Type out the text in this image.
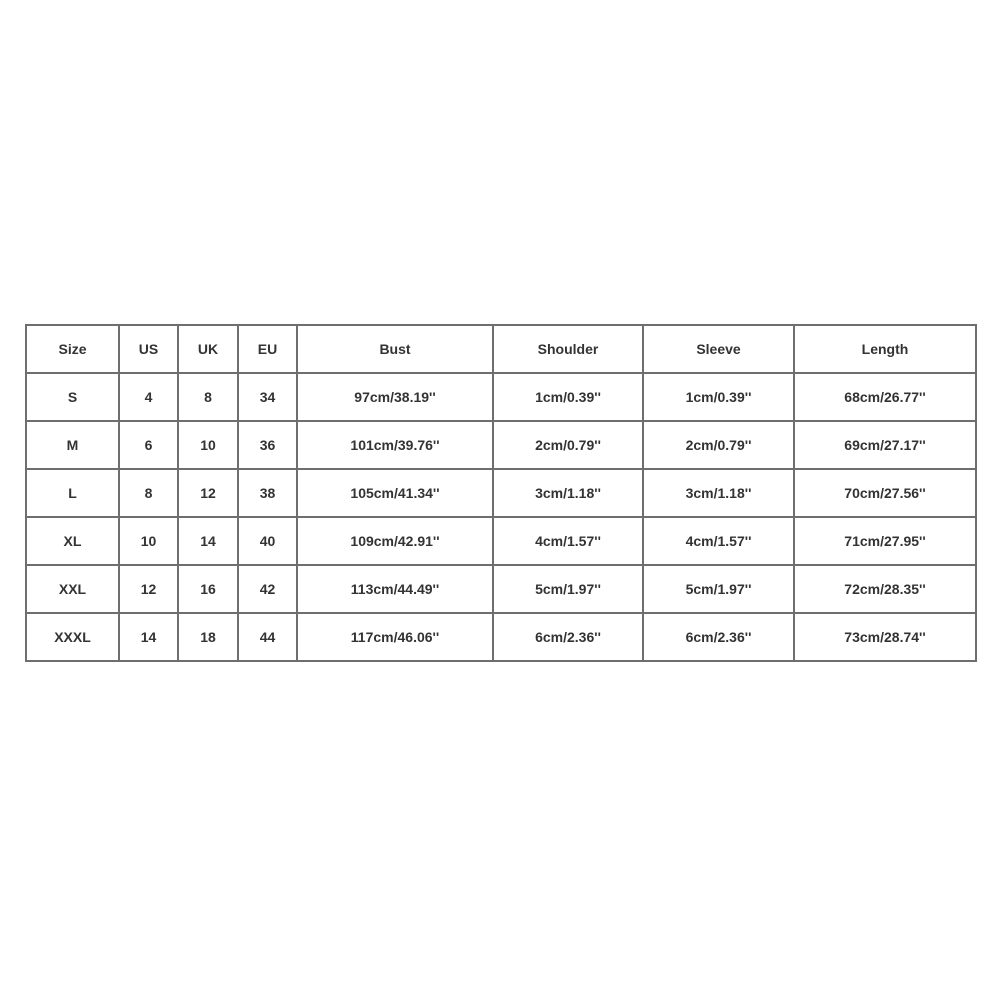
Size	US	UK	EU	Bust	Shoulder	Sleeve	Length
S	4	8	34	97cm/38.19''	1cm/0.39''	1cm/0.39''	68cm/26.77''
M	6	10	36	101cm/39.76''	2cm/0.79''	2cm/0.79''	69cm/27.17''
L	8	12	38	105cm/41.34''	3cm/1.18''	3cm/1.18''	70cm/27.56''
XL	10	14	40	109cm/42.91''	4cm/1.57''	4cm/1.57''	71cm/27.95''
XXL	12	16	42	113cm/44.49''	5cm/1.97''	5cm/1.97''	72cm/28.35''
XXXL	14	18	44	117cm/46.06''	6cm/2.36''	6cm/2.36''	73cm/28.74''
